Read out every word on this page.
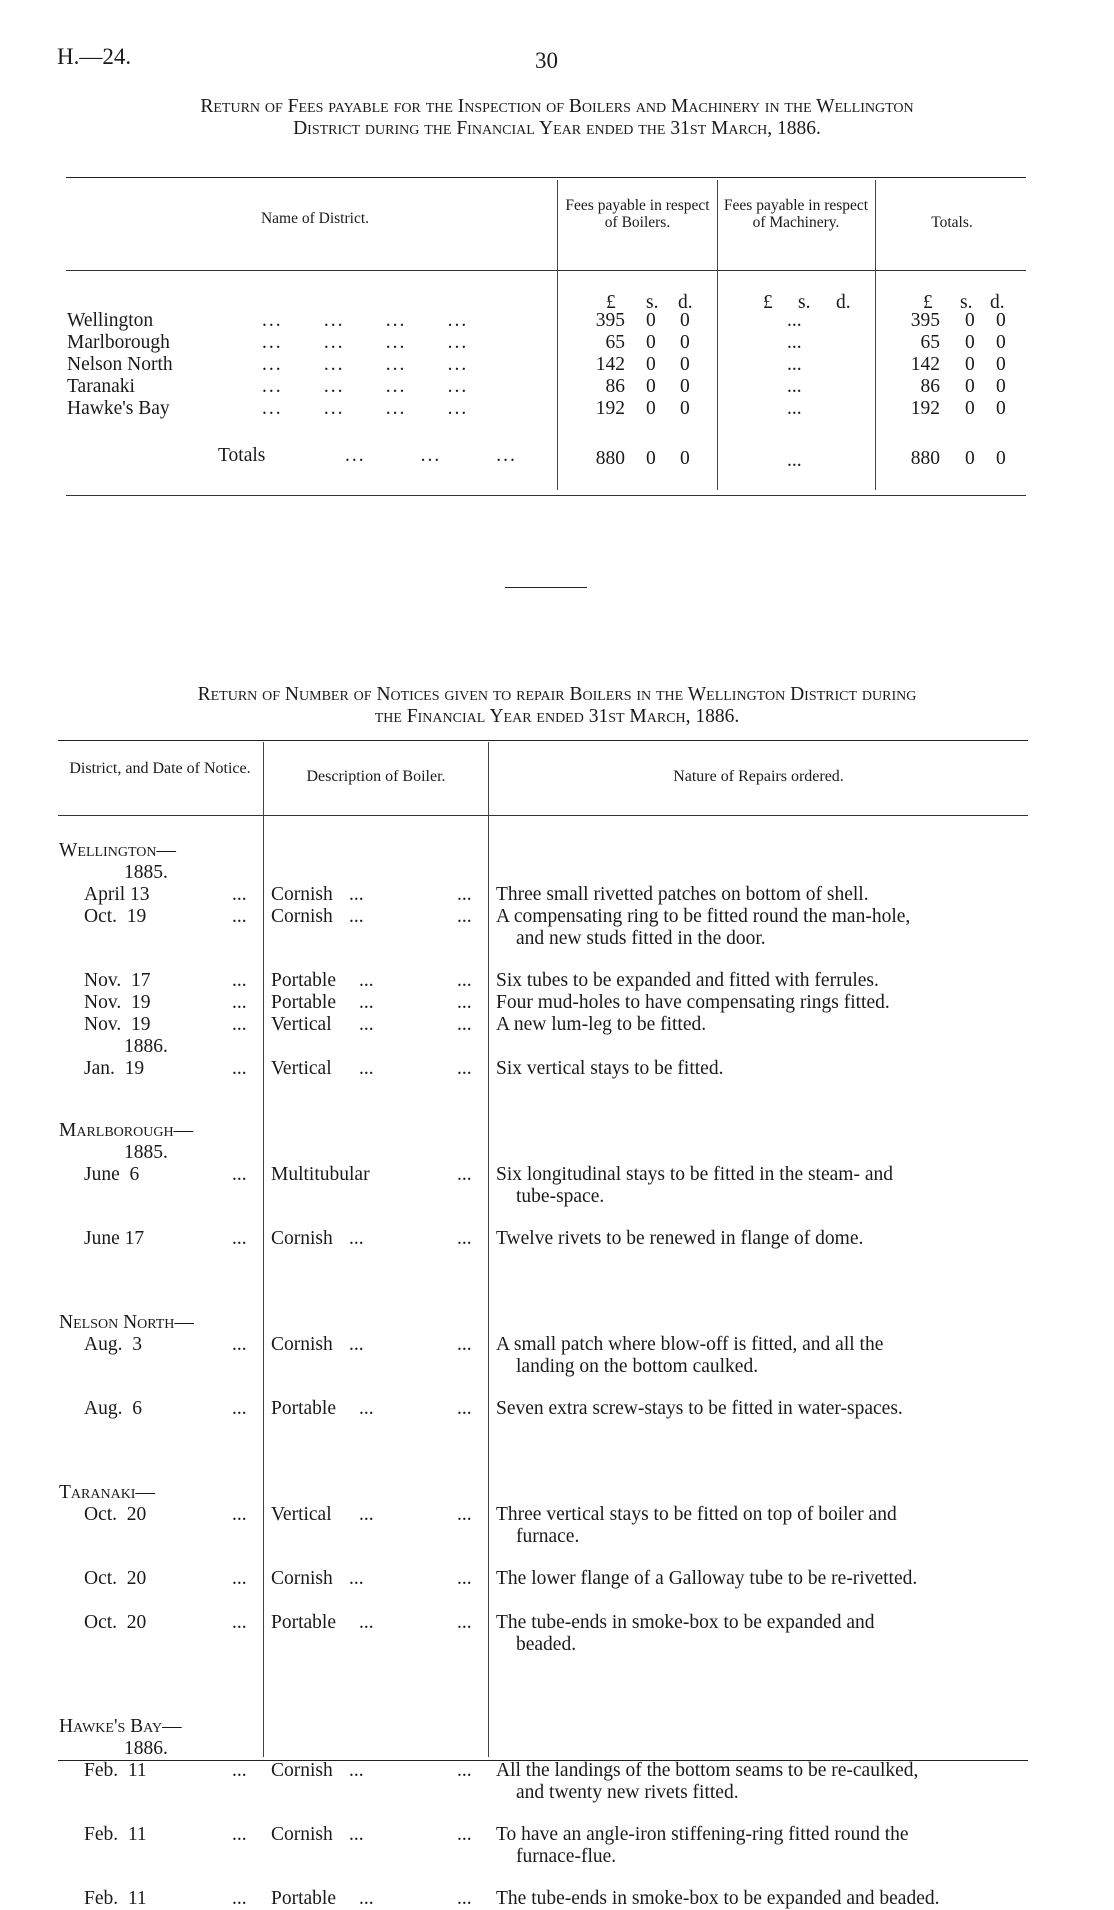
H.—24.	30
Return of Fees payable for the Inspection of Boilers and Machinery in the Wellington
District during the Financial Year ended the 31st March, 1886.
Name of District.
Fees payable in respect of Boilers.
Fees payable in respect of Machinery.	Totals.
£ s. d.	£ s. d.	£ s. d.
Wellington	...      ...      ...      ...	395 0 0	...	395 0 0
Marlborough	...      ...      ...      ...	65 0 0	...	65 0 0
Nelson North	...      ...      ...      ...	142 0 0	...	142 0 0
Taranaki	...      ...      ...      ...	86 0 0	...	86 0 0
Hawke's Bay	...      ...      ...      ...	192 0 0	...	192 0 0
Totals	...        ...        ...	880 0 0	...	880 0 0
Return of Number of Notices given to repair Boilers in the Wellington District during
the Financial Year ended 31st March, 1886.
District, and Date of Notice.	Description of Boiler.	Nature of Repairs ordered.
Wellington—
1885.
April 13	... Cornish ...	... Three small rivetted patches on bottom of shell.
Oct.  19	... Cornish ...	... A compensating ring to be fitted round the man-hole,
and new studs fitted in the door.
Nov.  17	... Portable ...	... Six tubes to be expanded and fitted with ferrules.
Nov.  19	... Portable ...	... Four mud-holes to have compensating rings fitted.
Nov.  19	... Vertical ...	... A new lum-leg to be fitted.
1886.
Jan.  19	... Vertical ...	... Six vertical stays to be fitted.
Marlborough—
1885.
June  6	... Multitubular	... Six longitudinal stays to be fitted in the steam- and
tube-space.
June 17	... Cornish ...	... Twelve rivets to be renewed in flange of dome.
Nelson North—
Aug.  3	... Cornish ...	... A small patch where blow-off is fitted, and all the
landing on the bottom caulked.
Aug.  6	... Portable ...	... Seven extra screw-stays to be fitted in water-spaces.
Taranaki—
Oct.  20	... Vertical ...	... Three vertical stays to be fitted on top of boiler and
furnace.
Oct.  20	... Cornish ...	... The lower flange of a Galloway tube to be re-rivetted.
Oct.  20	... Portable ...	... The tube-ends in smoke-box to be expanded and
beaded.
Hawke's Bay—
1886.
Feb.  11	... Cornish ...	... All the landings of the bottom seams to be re-caulked,
and twenty new rivets fitted.
Feb.  11	... Cornish ...	... To have an angle-iron stiffening-ring fitted round the
furnace-flue.
Feb.  11	... Portable ...	... The tube-ends in smoke-box to be expanded and beaded.
